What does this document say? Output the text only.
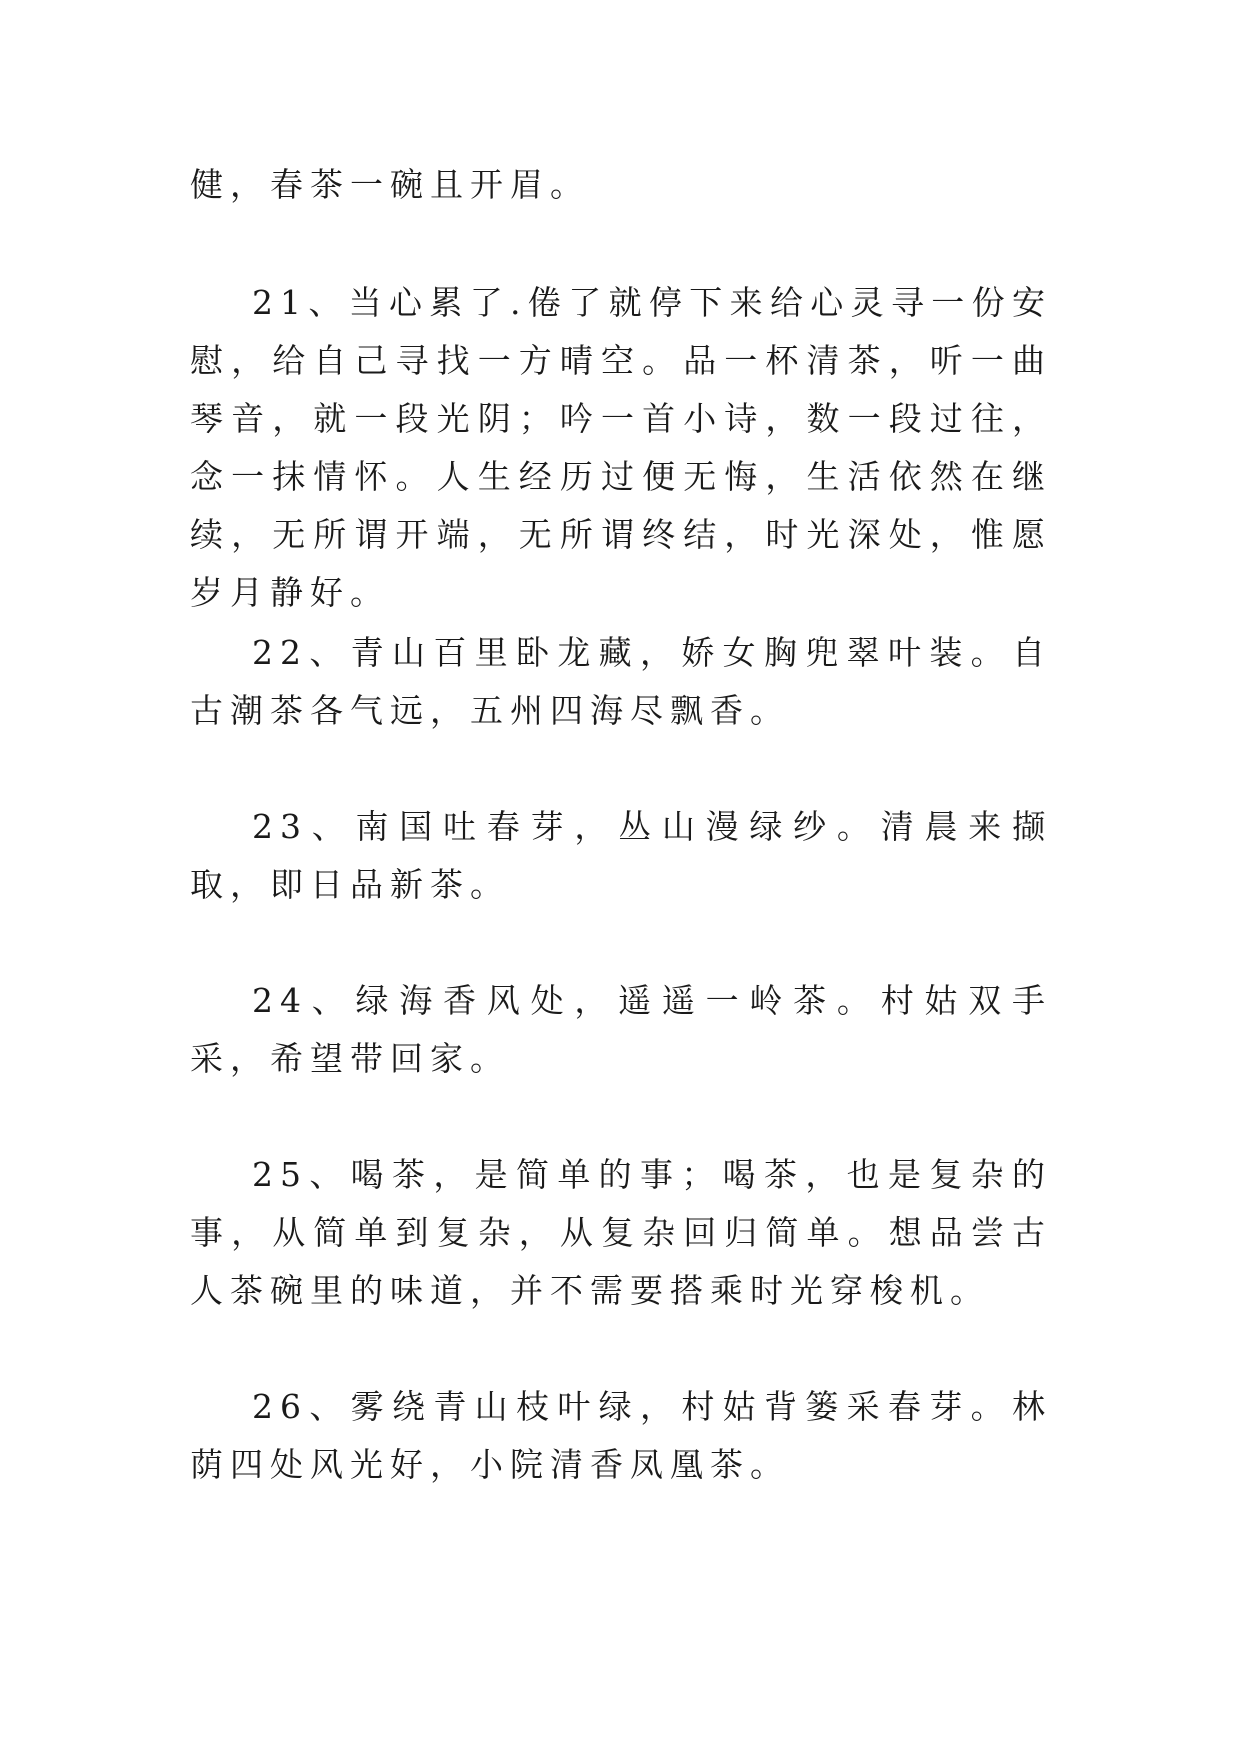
健，春茶一碗且开眉。

21、当心累了.倦了就停下来给心灵寻一份安慰，给自己寻找一方晴空。品一杯清茶，听一曲琴音，就一段光阴；吟一首小诗，数一段过往，念一抹情怀。人生经历过便无悔，生活依然在继续，无所谓开端，无所谓终结，时光深处，惟愿岁月静好。

22、青山百里卧龙藏，娇女胸兜翠叶装。自古潮茶各气远，五州四海尽飘香。

23、南国吐春芽，丛山漫绿纱。清晨来撷取，即日品新茶。

24、绿海香风处，遥遥一岭茶。村姑双手采，希望带回家。

25、喝茶，是简单的事；喝茶，也是复杂的事，从简单到复杂，从复杂回归简单。想品尝古人茶碗里的味道，并不需要搭乘时光穿梭机。

26、雾绕青山枝叶绿，村姑背篓采春芽。林荫四处风光好，小院清香凤凰茶。
